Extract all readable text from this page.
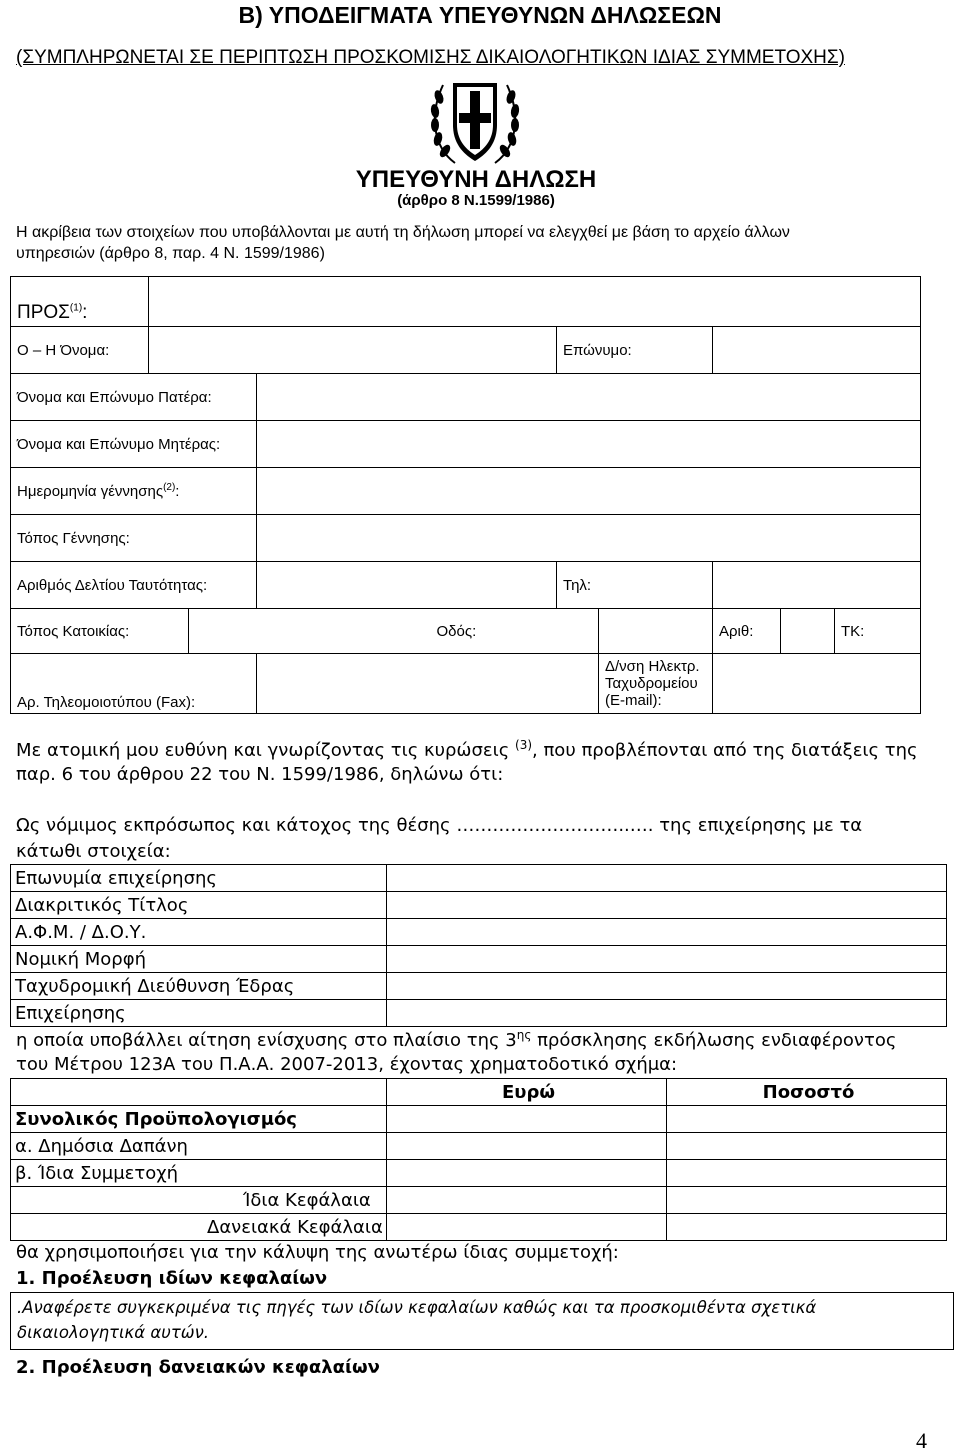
Β) ΥΠΟΔΕΙΓΜΑΤΑ ΥΠΕΥΘΥΝΩΝ ΔΗΛΩΣΕΩΝ
(ΣΥΜΠΛΗΡΩΝΕΤΑΙ ΣΕ ΠΕΡΙΠΤΩΣΗ ΠΡΟΣΚΟΜΙΣΗΣ ΔΙΚΑΙΟΛΟΓΗΤΙΚΩΝ ΙΔΙΑΣ ΣΥΜΜΕΤΟΧΗΣ)
ΥΠΕΥΘΥΝΗ ΔΗΛΩΣΗ
(άρθρο 8 Ν.1599/1986)
Η ακρίβεια των στοιχείων που υποβάλλονται με αυτή τη δήλωση μπορεί να ελεγχθεί με βάση το αρχείο άλλων
υπηρεσιών (άρθρο 8, παρ. 4 Ν. 1599/1986)
ΠΡΟΣ$^{(1)}$:								
Ο – Η Όνομα:				Επώνυμο:				
Όνομα και Επώνυμο Πατέρα:								
Όνομα και Επώνυμο Μητέρας:								
Ημερομηνία γέννησης$^{(2)}$:								
Τόπος Γέννησης:								
Αριθμός Δελτίου Ταυτότητας:				Τηλ:				
Τόπος Κατοικίας:				Οδός:		Αριθ:		ΤΚ:
Αρ. Τηλεομοιοτύπου (Fax):					Δ/νση Ηλεκτρ.
Ταχυδρομείου
(E-mail):			

Με ατομική μου ευθύνη και γνωρίζοντας τις κυρώσεις $^{(3)}$, που προβλέπονται από της διατάξεις της
παρ. 6 του άρθρου 22 του Ν. 1599/1986, δηλώνω ότι:
Ως νόμιμος εκπρόσωπος και κάτοχος της θέσης ………………………..…. της επιχείρησης με τα
κάτωθι στοιχεία:
Επωνυμία επιχείρησης	
Διακριτικός Τίτλος	
Α.Φ.Μ. / Δ.Ο.Υ.	
Νομική Μορφή	
Ταχυδρομική Διεύθυνση Έδρας	
Επιχείρησης	
η οποία υποβάλλει αίτηση ενίσχυσης στο πλαίσιο της $3^{\eta\varsigma}$ πρόσκλησης εκδήλωσης ενδιαφέροντος
του Μέτρου 123Α του Π.Α.Α. 2007-2013, έχοντας χρηματοδοτικό σχήμα:
	Ευρώ	Ποσοστό
Συνολικός Προϋπολογισμός		
α. Δημόσια Δαπάνη		
β. Ίδια Συμμετοχή		
Ίδια Κεφάλαια		
Δανειακά Κεφάλαια		
θα χρησιμοποιήσει για την κάλυψη της ανωτέρω ίδιας συμμετοχή:
1. Προέλευση ιδίων κεφαλαίων
.Αναφέρετε συγκεκριμένα τις πηγές των ιδίων κεφαλαίων καθώς και τα προσκομιθέντα σχετικά
δικαιολογητικά αυτών.
2. Προέλευση δανειακών κεφαλαίων
4
